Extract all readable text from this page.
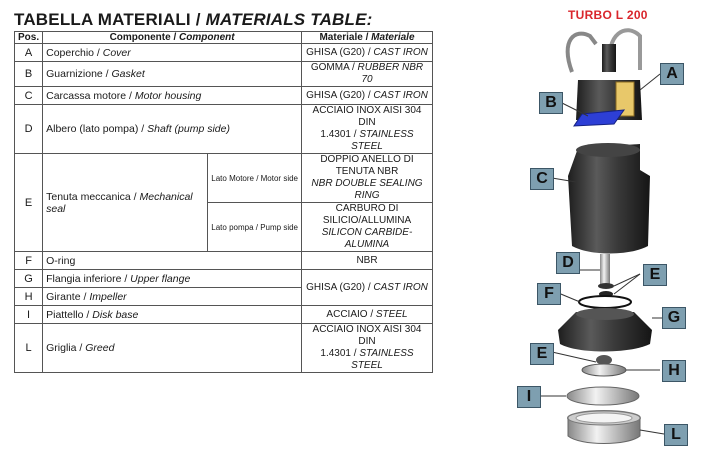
TABELLA MATERIALI / MATERIALS TABLE:
Pos.	Componente / Component		Materiale / Materiale
A	Coperchio / Cover		GHISA (G20) / CAST IRON
B	Guarnizione / Gasket		GOMMA / RUBBER NBR 70
C	Carcassa motore / Motor housing		GHISA (G20) / CAST IRON
D	Albero (lato pompa) / Shaft (pump side)		ACCIAIO INOX AISI 304 DIN
1.4301 / STAINLESS STEEL
E	Tenuta meccanica / Mechanical seal	Lato Motore / Motor side	DOPPIO ANELLO DI TENUTA NBR
NBR DOUBLE SEALING RING
		Lato pompa / Pump side	CARBURO DI SILICIO/ALLUMINA
SILICON CARBIDE-ALUMINA
F	O-ring		NBR
G	Flangia inferiore / Upper flange		GHISA (G20) / CAST IRON
H	Girante / Impeller		
I	Piattello / Disk base		ACCIAIO / STEEL
L	Griglia / Greed		ACCIAIO INOX AISI 304 DIN
1.4301 / STAINLESS STEEL
TURBO L 200
A
B
C
D
E
F
G
E
H
I
L
